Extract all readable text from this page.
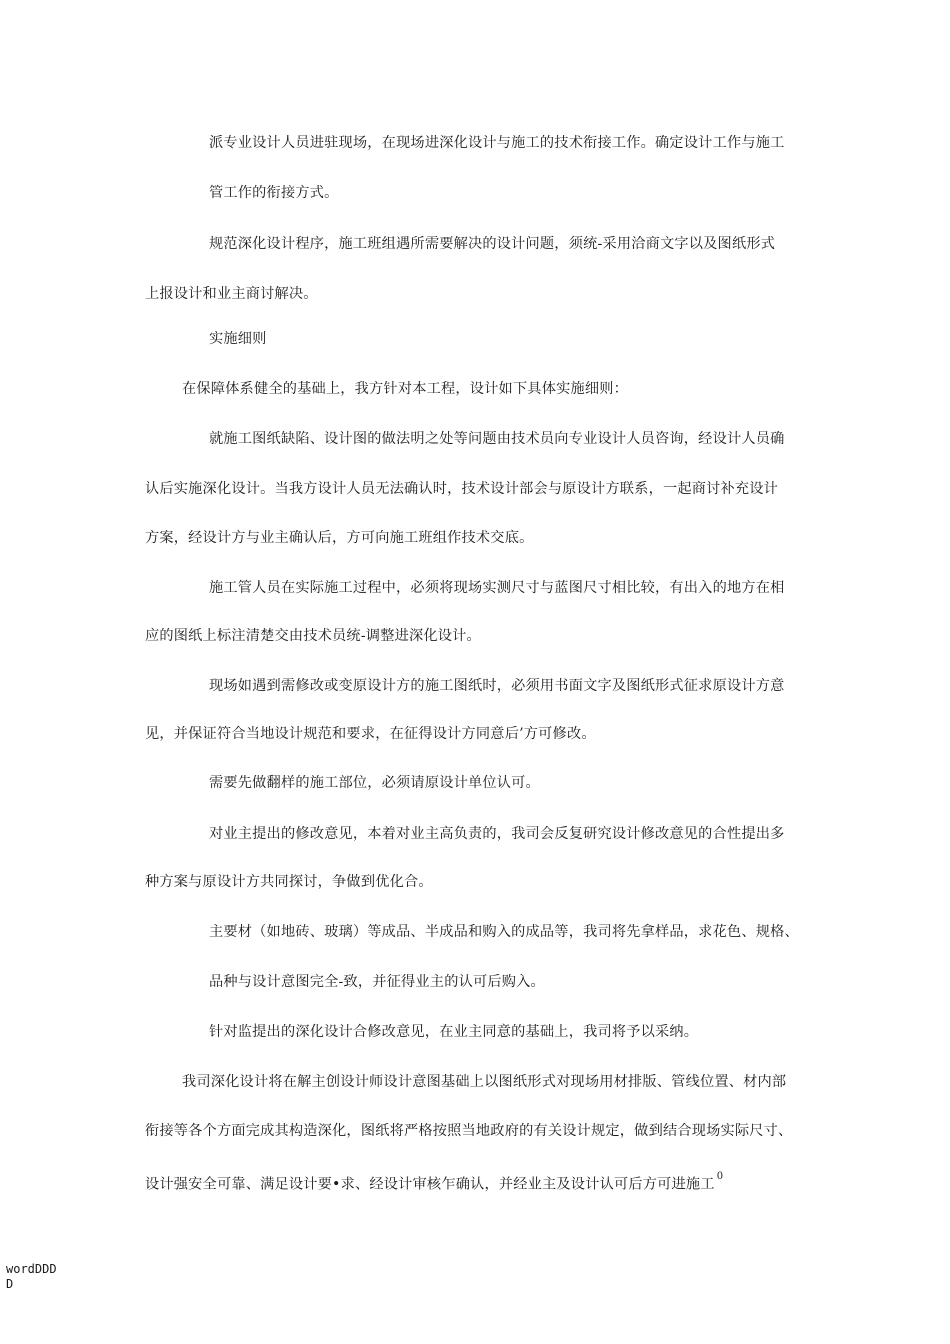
派专业设计人员进驻现场，在现场进深化设计与施工的技术衔接工作。确定设计工作与施工
管工作的衔接方式。
规范深化设计程序，施工班组遇所需要解决的设计问题，须统-采用洽商文字以及图纸形式
上报设计和业主商讨解决。
实施细则
在保障体系健全的基础上，我方针对本工程，设计如下具体实施细则：
就施工图纸缺陷、设计图的做法明之处等问题由技术员向专业设计人员咨询，经设计人员确
认后实施深化设计。当我方设计人员无法确认时，技术设计部会与原设计方联系，一起商讨补充设计
方案，经设计方与业主确认后，方可向施工班组作技术交底。
施工管人员在实际施工过程中，必须将现场实测尺寸与蓝图尺寸相比较，有出入的地方在相
应的图纸上标注清楚交由技术员统-调整进深化设计。
现场如遇到需修改或变原设计方的施工图纸时，必须用书面文字及图纸形式征求原设计方意
见，并保证符合当地设计规范和要求，在征得设计方同意后’方可修改。
需要先做翻样的施工部位，必须请原设计单位认可。
对业主提出的修改意见，本着对业主高负责的，我司会反复研究设计修改意见的合性提出多
种方案与原设计方共同探讨，争做到优化合。
主要材（如地砖、玻璃）等成品、半成品和购入的成品等，我司将先拿样品，求花色、规格、
品种与设计意图完全-致，并征得业主的认可后购入。
针对监提出的深化设计合修改意见，在业主同意的基础上，我司将予以采纳。
我司深化设计将在解主创设计师设计意图基础上以图纸形式对现场用材排版、管线位置、材内部
衔接等各个方面完成其构造深化，图纸将严格按照当地政府的有关设计规定，做到结合现场实际尺寸、
设计强安全可靠、满足设计要•求、经设计审核乍确认，并经业主及设计认可后方可进施工$^0$
wordDDD
D
